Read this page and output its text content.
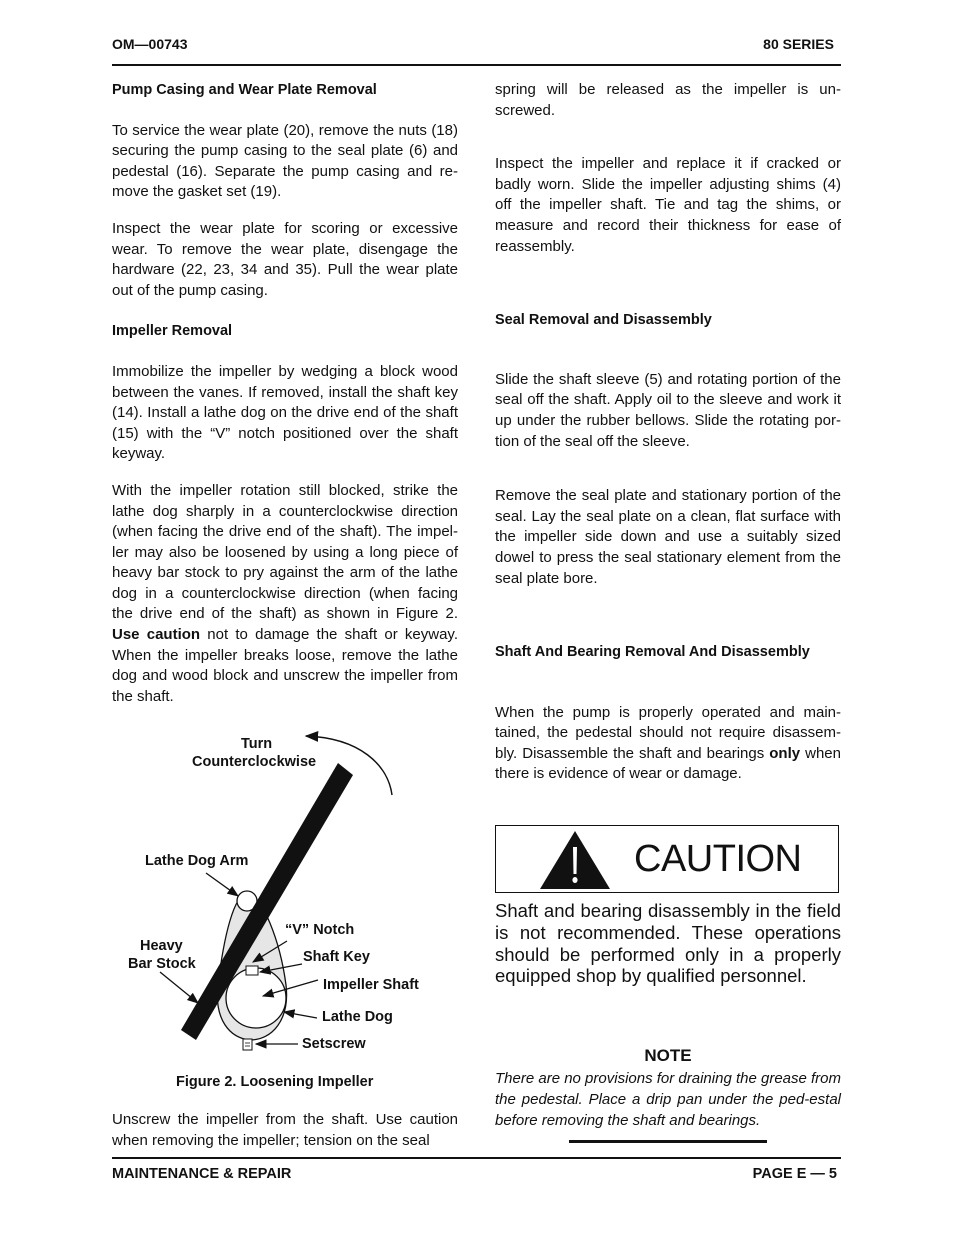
OM—00743	80 SERIES

Pump Casing and Wear Plate Removal

To service the wear plate (20), remove the nuts (18) securing the pump casing to the seal plate (6) and pedestal (16). Separate the pump casing and re-move the gasket set (19).

Inspect the wear plate for scoring or excessive wear. To remove the wear plate, disengage the hardware (22, 23, 34 and 35). Pull the wear plate out of the pump casing.

Impeller Removal

Immobilize the impeller by wedging a block wood between the vanes. If removed, install the shaft key (14). Install a lathe dog on the drive end of the shaft (15) with the “V” notch positioned over the shaft keyway.

With the impeller rotation still blocked, strike the lathe dog sharply in a counterclockwise direction (when facing the drive end of the shaft). The impel-ler may also be loosened by using a long piece of heavy bar stock to pry against the arm of the lathe dog in a counterclockwise direction (when facing the drive end of the shaft) as shown in Figure 2. Use caution not to damage the shaft or keyway. When the impeller breaks loose, remove the lathe dog and wood block and unscrew the impeller from the shaft.

Turn
Counterclockwise
Lathe Dog Arm
“V” Notch
Heavy
Bar Stock	Shaft Key
Impeller Shaft
Lathe Dog
Setscrew
Figure 2. Loosening Impeller
Unscrew the impeller from the shaft. Use caution when removing the impeller; tension on the seal

spring will be released as the impeller is un-screwed.

Inspect the impeller and replace it if cracked or badly worn. Slide the impeller adjusting shims (4) off the impeller shaft. Tie and tag the shims, or measure and record their thickness for ease of reassembly.

Seal Removal and Disassembly

Slide the shaft sleeve (5) and rotating portion of the seal off the shaft. Apply oil to the sleeve and work it up under the rubber bellows. Slide the rotating por-tion of the seal off the sleeve.

Remove the seal plate and stationary portion of the seal. Lay the seal plate on a clean, flat surface with the impeller side down and use a suitably sized dowel to press the seal stationary element from the seal plate bore.

Shaft And Bearing Removal And Disassembly

When the pump is properly operated and main-tained, the pedestal should not require disassem-bly. Disassemble the shaft and bearings only when there is evidence of wear or damage.

CAUTION
Shaft and bearing disassembly in the field is not recommended. These operations should be performed only in a properly equipped shop by qualified personnel.
NOTE
There are no provisions for draining the grease from the pedestal. Place a drip pan under the ped-estal before removing the shaft and bearings.
MAINTENANCE & REPAIR	PAGE E — 5
